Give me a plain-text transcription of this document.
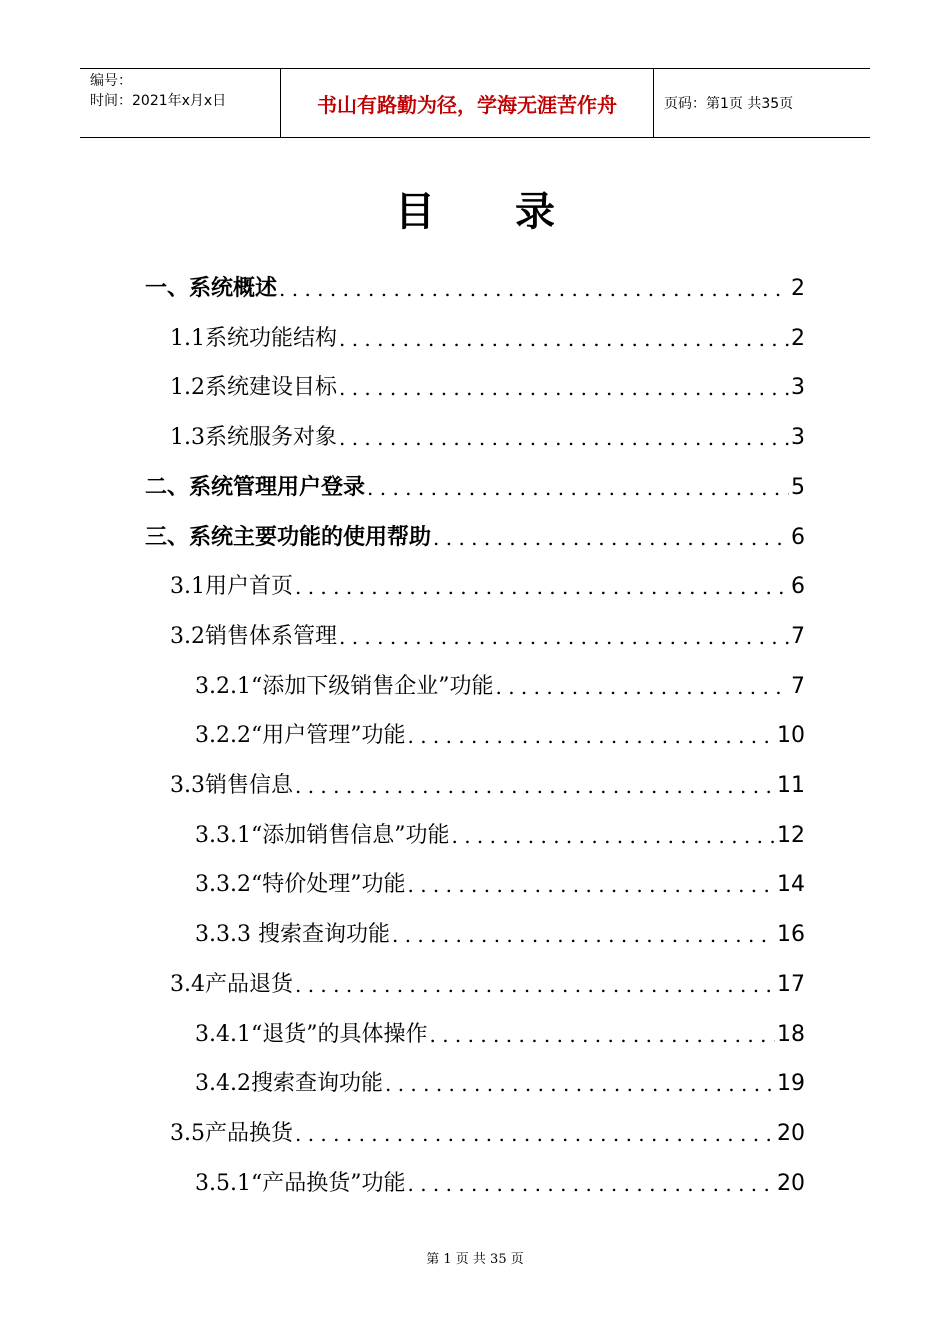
编号：
时间：2021年x月x日	书山有路勤为径，学海无涯苦作舟	页码：第1页 共35页
目录
一、系统概述 . . .	2
1.1系统功能结构 . . .	2
1.2系统建设目标 . . .	3
1.3系统服务对象 . . .	3
二、系统管理用户登录 . . .	5
三、系统主要功能的使用帮助 . . .	6
3.1用户首页 . . .	6
3.2销售体系管理 . . .	7
3.2.1“添加下级销售企业”功能 . . .	7
3.2.2“用户管理”功能 . . .	10
3.3销售信息 . . .	11
3.3.1“添加销售信息”功能 . . .	12
3.3.2“特价处理”功能 . . .	14
3.3.3 搜索查询功能 . . .	16
3.4产品退货 . . .	17
3.4.1“退货”的具体操作 . . .	18
3.4.2搜索查询功能 . . .	19
3.5产品换货 . . .	20
3.5.1“产品换货”功能 . . .	20
第 1 页 共 35 页
